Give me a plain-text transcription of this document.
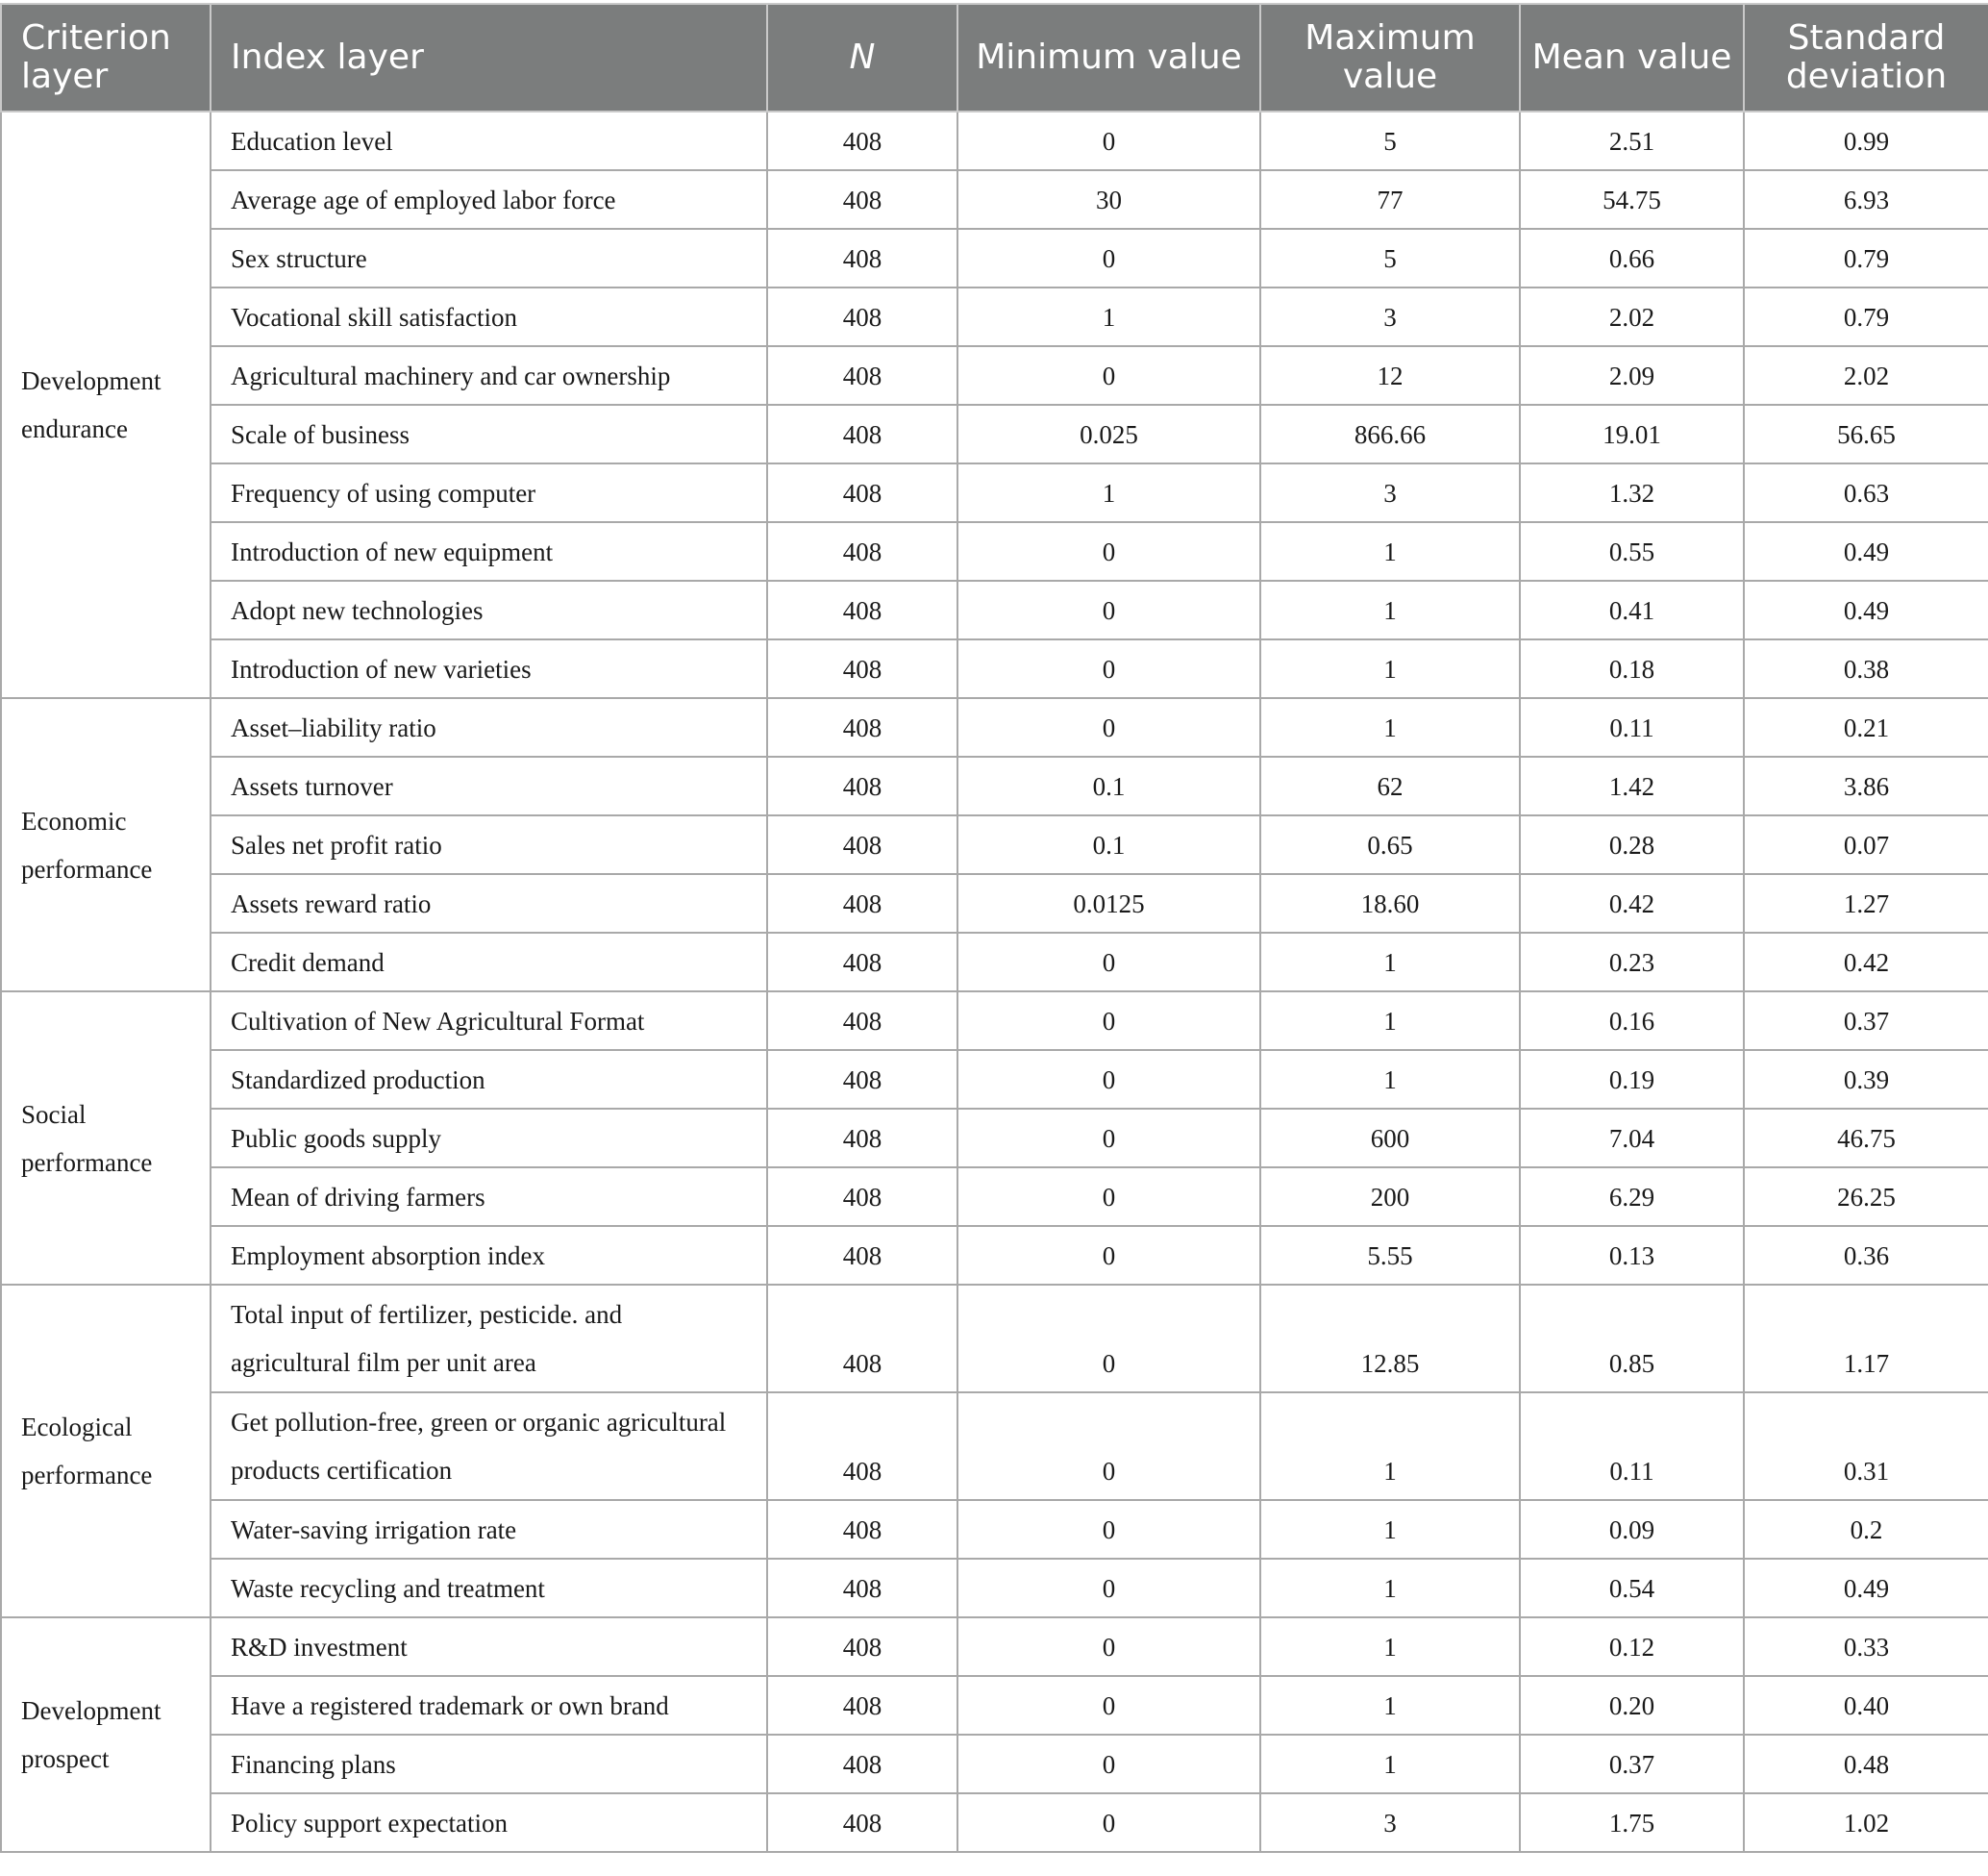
Criterion layer	Index layer	N	Minimum value	Maximum value	Mean value	Standard deviation
Development endurance	Education level	408	0	5	2.51	0.99
	Average age of employed labor force	408	30	77	54.75	6.93
	Sex structure	408	0	5	0.66	0.79
	Vocational skill satisfaction	408	1	3	2.02	0.79
	Agricultural machinery and car ownership	408	0	12	2.09	2.02
	Scale of business	408	0.025	866.66	19.01	56.65
	Frequency of using computer	408	1	3	1.32	0.63
	Introduction of new equipment	408	0	1	0.55	0.49
	Adopt new technologies	408	0	1	0.41	0.49
	Introduction of new varieties	408	0	1	0.18	0.38
Economic performance	Asset–liability ratio	408	0	1	0.11	0.21
	Assets turnover	408	0.1	62	1.42	3.86
	Sales net profit ratio	408	0.1	0.65	0.28	0.07
	Assets reward ratio	408	0.0125	18.60	0.42	1.27
	Credit demand	408	0	1	0.23	0.42
Social performance	Cultivation of New Agricultural Format	408	0	1	0.16	0.37
	Standardized production	408	0	1	0.19	0.39
	Public goods supply	408	0	600	7.04	46.75
	Mean of driving farmers	408	0	200	6.29	26.25
	Employment absorption index	408	0	5.55	0.13	0.36
Ecological performance	Total input of fertilizer, pesticide. and agricultural film per unit area	408	0	12.85	0.85	1.17
	Get pollution-free, green or organic agricultural products certification	408	0	1	0.11	0.31
	Water-saving irrigation rate	408	0	1	0.09	0.2
	Waste recycling and treatment	408	0	1	0.54	0.49
Development prospect	R&D investment	408	0	1	0.12	0.33
	Have a registered trademark or own brand	408	0	1	0.20	0.40
	Financing plans	408	0	1	0.37	0.48
	Policy support expectation	408	0	3	1.75	1.02
